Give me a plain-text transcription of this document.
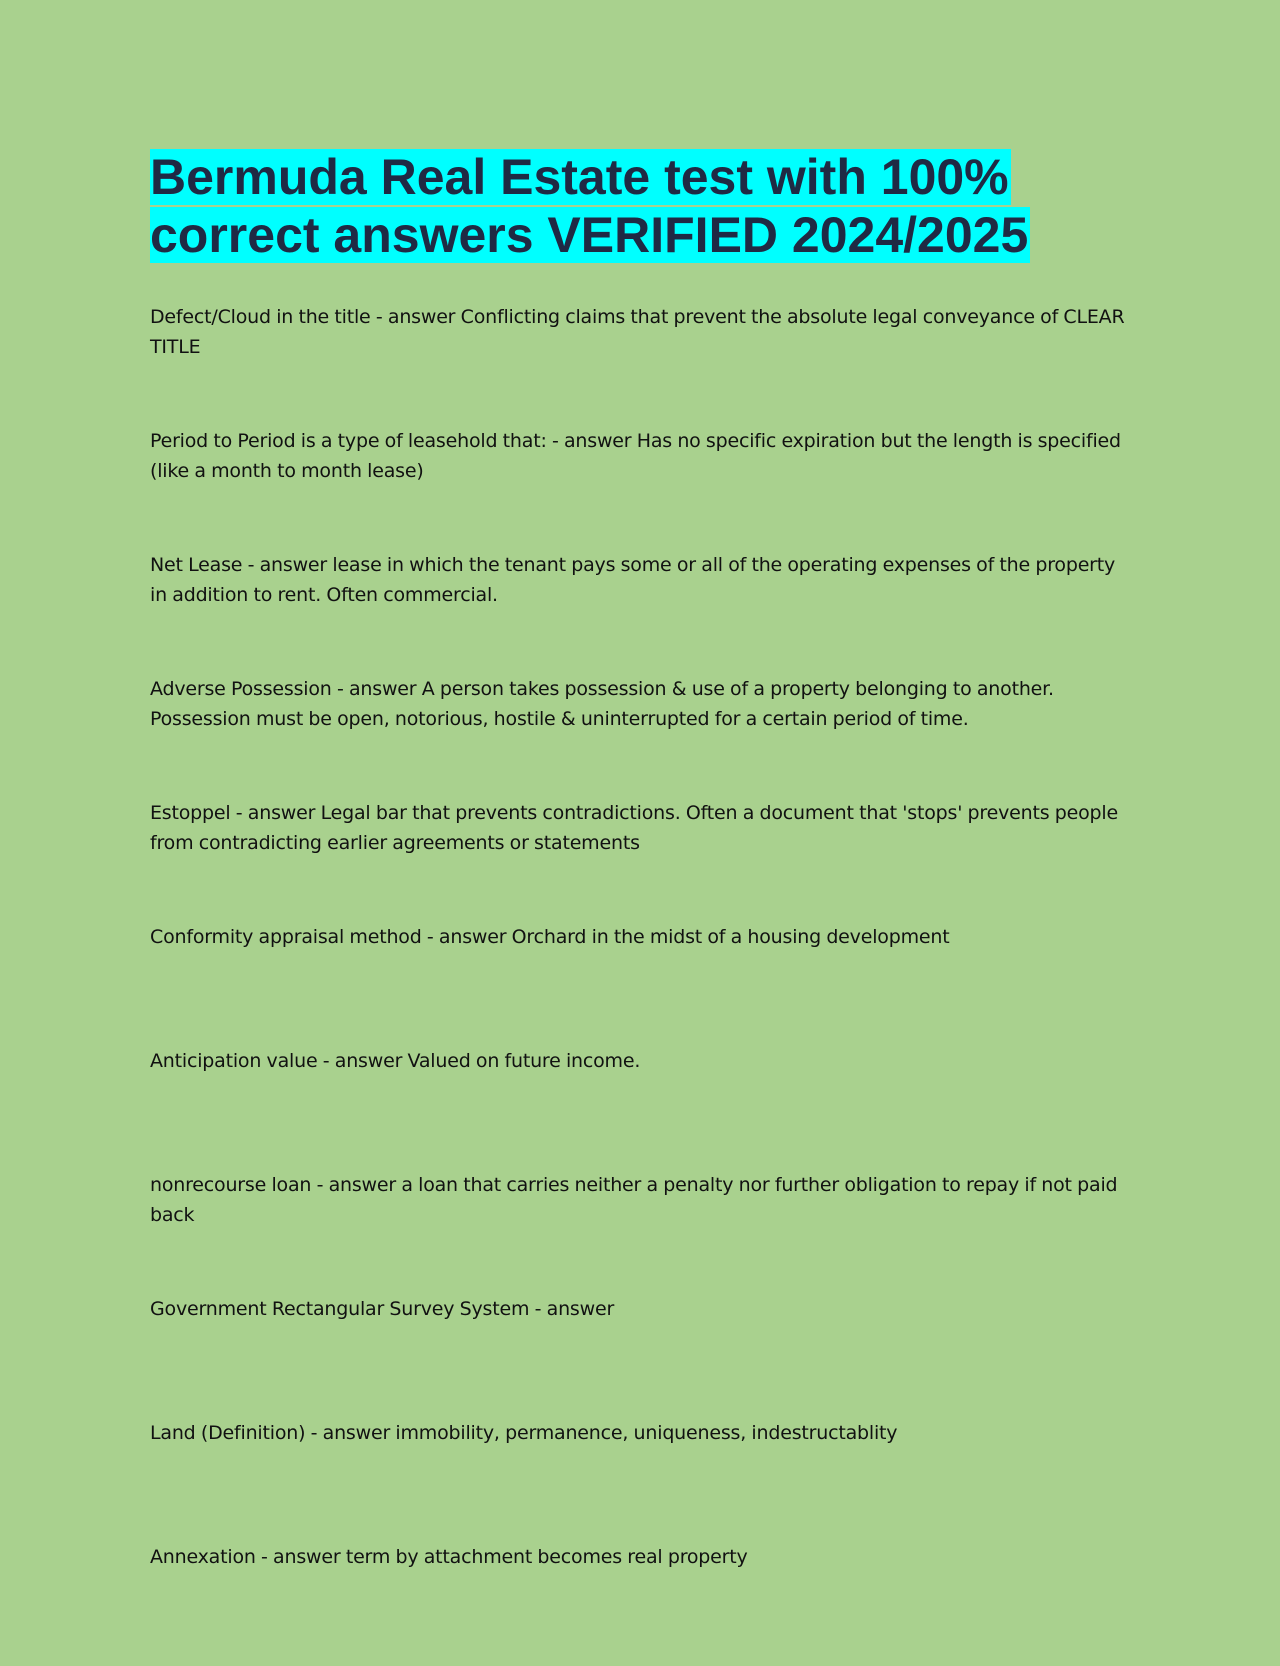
Bermuda Real Estate test with 100% correct answers VERIFIED 2024/2025
Defect/Cloud in the title - answer Conflicting claims that prevent the absolute legal conveyance of CLEAR TITLE
Period to Period is a type of leasehold that: - answer Has no specific expiration but the length is specified (like a month to month lease)
Net Lease - answer lease in which the tenant pays some or all of the operating expenses of the property in addition to rent. Often commercial.
Adverse Possession - answer A person takes possession & use of a property belonging to another. Possession must be open, notorious, hostile & uninterrupted for a certain period of time.
Estoppel - answer Legal bar that prevents contradictions. Often a document that 'stops' prevents people from contradicting earlier agreements or statements
Conformity appraisal method - answer Orchard in the midst of a housing development
Anticipation value - answer Valued on future income.
nonrecourse loan - answer a loan that carries neither a penalty nor further obligation to repay if not paid back
Government Rectangular Survey System - answer
Land (Definition) - answer immobility, permanence, uniqueness, indestructablity
Annexation - answer term by attachment becomes real property
